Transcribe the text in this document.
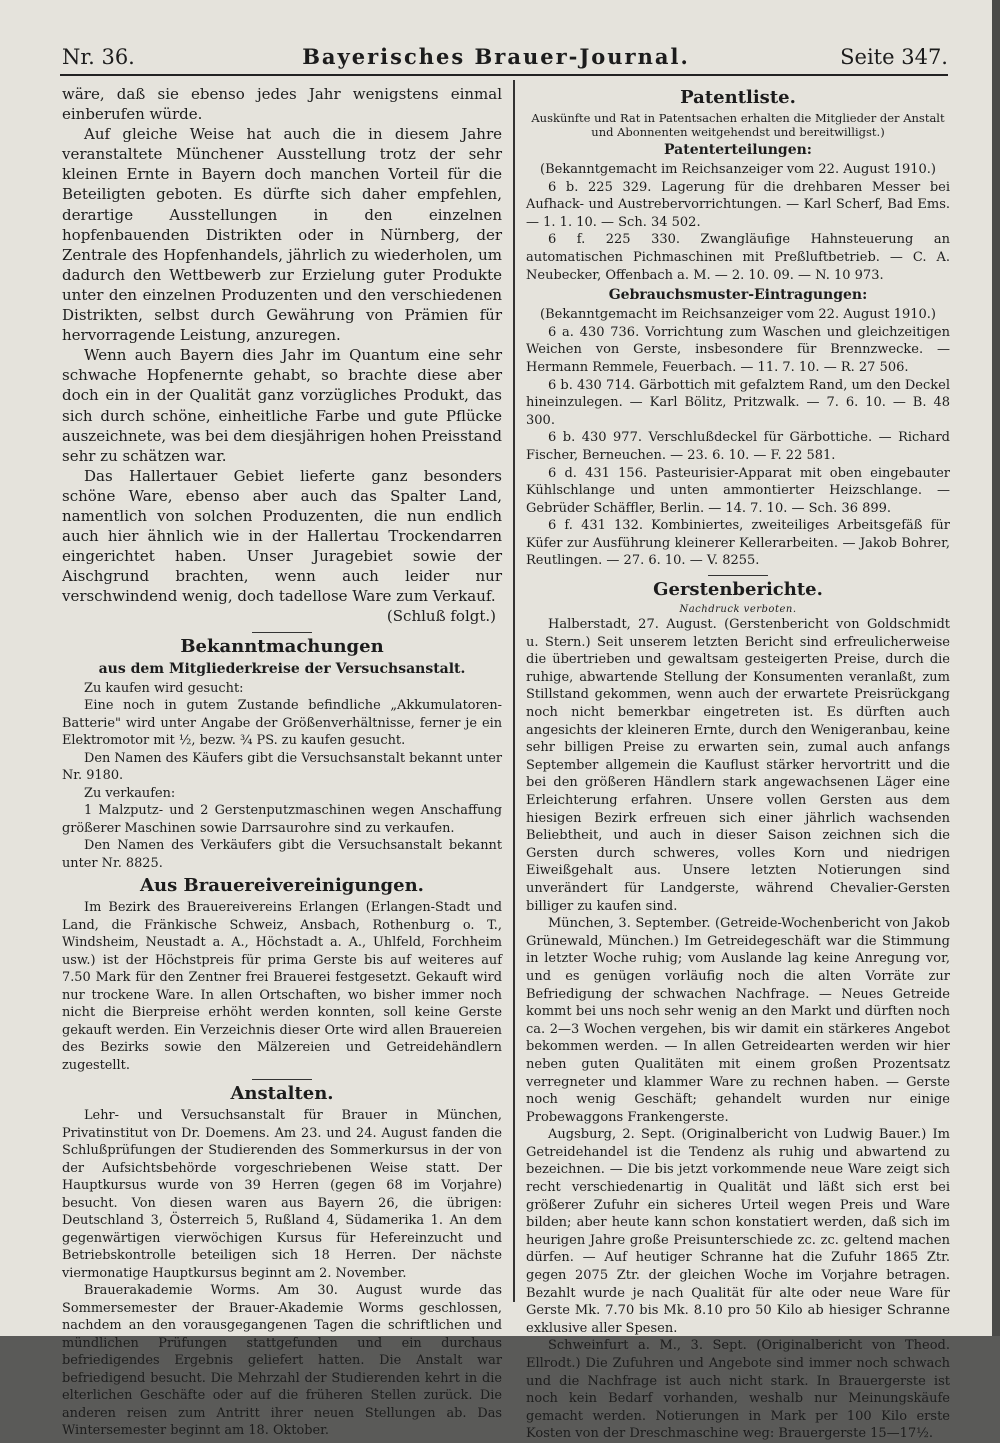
Nr. 36.	Bayerisches Brauer-Journal.	Seite 347.
wäre, daß sie ebenso jedes Jahr wenigstens einmal einberufen würde.
Auf gleiche Weise hat auch die in diesem Jahre veranstaltete Münchener Ausstellung trotz der sehr kleinen Ernte in Bayern doch manchen Vorteil für die Beteiligten geboten. Es dürfte sich daher empfehlen, derartige Ausstellungen in den einzelnen hopfenbauenden Distrikten oder in Nürnberg, der Zentrale des Hopfenhandels, jährlich zu wiederholen, um dadurch den Wettbewerb zur Erzielung guter Produkte unter den einzelnen Produzenten und den verschiedenen Distrikten, selbst durch Gewährung von Prämien für hervorragende Leistung, anzuregen.
Wenn auch Bayern dies Jahr im Quantum eine sehr schwache Hopfenernte gehabt, so brachte diese aber doch ein in der Qualität ganz vorzügliches Produkt, das sich durch schöne, einheitliche Farbe und gute Pflücke auszeichnete, was bei dem diesjährigen hohen Preisstand sehr zu schätzen war.
Das Hallertauer Gebiet lieferte ganz besonders schöne Ware, ebenso aber auch das Spalter Land, namentlich von solchen Produzenten, die nun endlich auch hier ähnlich wie in der Hallertau Trockendarren eingerichtet haben. Unser Juragebiet sowie der Aischgrund brachten, wenn auch leider nur verschwindend wenig, doch tadellose Ware zum Verkauf.
(Schluß folgt.)
Bekanntmachungen
aus dem Mitgliederkreise der Versuchsanstalt.
Zu kaufen wird gesucht:
Eine noch in gutem Zustande befindliche „Akkumulatoren-Batterie" wird unter Angabe der Größenverhältnisse, ferner je ein Elektromotor mit ½, bezw. ¾ PS. zu kaufen gesucht.
Den Namen des Käufers gibt die Versuchsanstalt bekannt unter Nr. 9180.
Zu verkaufen:
1 Malzputz- und 2 Gerstenputzmaschinen wegen Anschaffung größerer Maschinen sowie Darrsaurohre sind zu verkaufen.
Den Namen des Verkäufers gibt die Versuchsanstalt bekannt unter Nr. 8825.
Aus Brauereivereinigungen.
Im Bezirk des Brauereivereins Erlangen (Erlangen-Stadt und Land, die Fränkische Schweiz, Ansbach, Rothenburg o. T., Windsheim, Neustadt a. A., Höchstadt a. A., Uhlfeld, Forchheim usw.) ist der Höchstpreis für prima Gerste bis auf weiteres auf 7.50 Mark für den Zentner frei Brauerei festgesetzt. Gekauft wird nur trockene Ware. In allen Ortschaften, wo bisher immer noch nicht die Bierpreise erhöht werden konnten, soll keine Gerste gekauft werden. Ein Verzeichnis dieser Orte wird allen Brauereien des Bezirks sowie den Mälzereien und Getreidehändlern zugestellt.
Anstalten.
Lehr- und Versuchsanstalt für Brauer in München, Privatinstitut von Dr. Doemens. Am 23. und 24. August fanden die Schlußprüfungen der Studierenden des Sommerkursus in der von der Aufsichtsbehörde vorgeschriebenen Weise statt. Der Hauptkursus wurde von 39 Herren (gegen 68 im Vorjahre) besucht. Von diesen waren aus Bayern 26, die übrigen: Deutschland 3, Österreich 5, Rußland 4, Südamerika 1. An dem gegenwärtigen vierwöchigen Kursus für Hefereinzucht und Betriebskontrolle beteiligen sich 18 Herren. Der nächste viermonatige Hauptkursus beginnt am 2. November.
Brauerakademie Worms. Am 30. August wurde das Sommersemester der Brauer-Akademie Worms geschlossen, nachdem an den vorausgegangenen Tagen die schriftlichen und mündlichen Prüfungen stattgefunden und ein durchaus befriedigendes Ergebnis geliefert hatten. Die Anstalt war befriedigend besucht. Die Mehrzahl der Studierenden kehrt in die elterlichen Geschäfte oder auf die früheren Stellen zurück. Die anderen reisen zum Antritt ihrer neuen Stellungen ab. Das Wintersemester beginnt am 18. Oktober.
Patentliste.
Auskünfte und Rat in Patentsachen erhalten die Mitglieder der Anstalt und Abonnenten weitgehendst und bereitwilligst.)
Patenterteilungen:
(Bekanntgemacht im Reichsanzeiger vom 22. August 1910.)
6 b. 225 329. Lagerung für die drehbaren Messer bei Aufhack- und Austrebervorrichtungen. — Karl Scherf, Bad Ems. — 1. 1. 10. — Sch. 34 502.
6 f. 225 330. Zwangläufige Hahnsteuerung an automatischen Pichmaschinen mit Preßluftbetrieb. — C. A. Neubecker, Offenbach a. M. — 2. 10. 09. — N. 10 973.
Gebrauchsmuster-Eintragungen:
(Bekanntgemacht im Reichsanzeiger vom 22. August 1910.)
6 a. 430 736. Vorrichtung zum Waschen und gleichzeitigen Weichen von Gerste, insbesondere für Brennzwecke. — Hermann Remmele, Feuerbach. — 11. 7. 10. — R. 27 506.
6 b. 430 714. Gärbottich mit gefalztem Rand, um den Deckel hineinzulegen. — Karl Bölitz, Pritzwalk. — 7. 6. 10. — B. 48 300.
6 b. 430 977. Verschlußdeckel für Gärbottiche. — Richard Fischer, Berneuchen. — 23. 6. 10. — F. 22 581.
6 d. 431 156. Pasteurisier-Apparat mit oben eingebauter Kühlschlange und unten ammontierter Heizschlange. — Gebrüder Schäffler, Berlin. — 14. 7. 10. — Sch. 36 899.
6 f. 431 132. Kombiniertes, zweiteiliges Arbeitsgefäß für Küfer zur Ausführung kleinerer Kellerarbeiten. — Jakob Bohrer, Reutlingen. — 27. 6. 10. — V. 8255.
Gerstenberichte.
Nachdruck verboten.
Halberstadt, 27. August. (Gerstenbericht von Goldschmidt u. Stern.) Seit unserem letzten Bericht sind erfreulicherweise die übertrieben und gewaltsam gesteigerten Preise, durch die ruhige, abwartende Stellung der Konsumenten veranlaßt, zum Stillstand gekommen, wenn auch der erwartete Preisrückgang noch nicht bemerkbar eingetreten ist. Es dürften auch angesichts der kleineren Ernte, durch den Wenigeranbau, keine sehr billigen Preise zu erwarten sein, zumal auch anfangs September allgemein die Kauflust stärker hervortritt und die bei den größeren Händlern stark angewachsenen Läger eine Erleichterung erfahren. Unsere vollen Gersten aus dem hiesigen Bezirk erfreuen sich einer jährlich wachsenden Beliebtheit, und auch in dieser Saison zeichnen sich die Gersten durch schweres, volles Korn und niedrigen Eiweißgehalt aus. Unsere letzten Notierungen sind unverändert für Landgerste, während Chevalier-Gersten billiger zu kaufen sind.
München, 3. September. (Getreide-Wochenbericht von Jakob Grünewald, München.) Im Getreidegeschäft war die Stimmung in letzter Woche ruhig; vom Auslande lag keine Anregung vor, und es genügen vorläufig noch die alten Vorräte zur Befriedigung der schwachen Nachfrage. — Neues Getreide kommt bei uns noch sehr wenig an den Markt und dürften noch ca. 2—3 Wochen vergehen, bis wir damit ein stärkeres Angebot bekommen werden. — In allen Getreidearten werden wir hier neben guten Qualitäten mit einem großen Prozentsatz verregneter und klammer Ware zu rechnen haben. — Gerste noch wenig Geschäft; gehandelt wurden nur einige Probewaggons Frankengerste.
Augsburg, 2. Sept. (Originalbericht von Ludwig Bauer.) Im Getreidehandel ist die Tendenz als ruhig und abwartend zu bezeichnen. — Die bis jetzt vorkommende neue Ware zeigt sich recht verschiedenartig in Qualität und läßt sich erst bei größerer Zufuhr ein sicheres Urteil wegen Preis und Ware bilden; aber heute kann schon konstatiert werden, daß sich im heurigen Jahre große Preisunterschiede zc. zc. geltend machen dürfen. — Auf heutiger Schranne hat die Zufuhr 1865 Ztr. gegen 2075 Ztr. der gleichen Woche im Vorjahre betragen. Bezahlt wurde je nach Qualität für alte oder neue Ware für Gerste Mk. 7.70 bis Mk. 8.10 pro 50 Kilo ab hiesiger Schranne exklusive aller Spesen.
Schweinfurt a. M., 3. Sept. (Originalbericht von Theod. Ellrodt.) Die Zufuhren und Angebote sind immer noch schwach und die Nachfrage ist auch nicht stark. In Brauergerste ist noch kein Bedarf vorhanden, weshalb nur Meinungskäufe gemacht werden. Notierungen in Mark per 100 Kilo erste Kosten von der Dreschmaschine weg: Brauergerste 15—17½.
